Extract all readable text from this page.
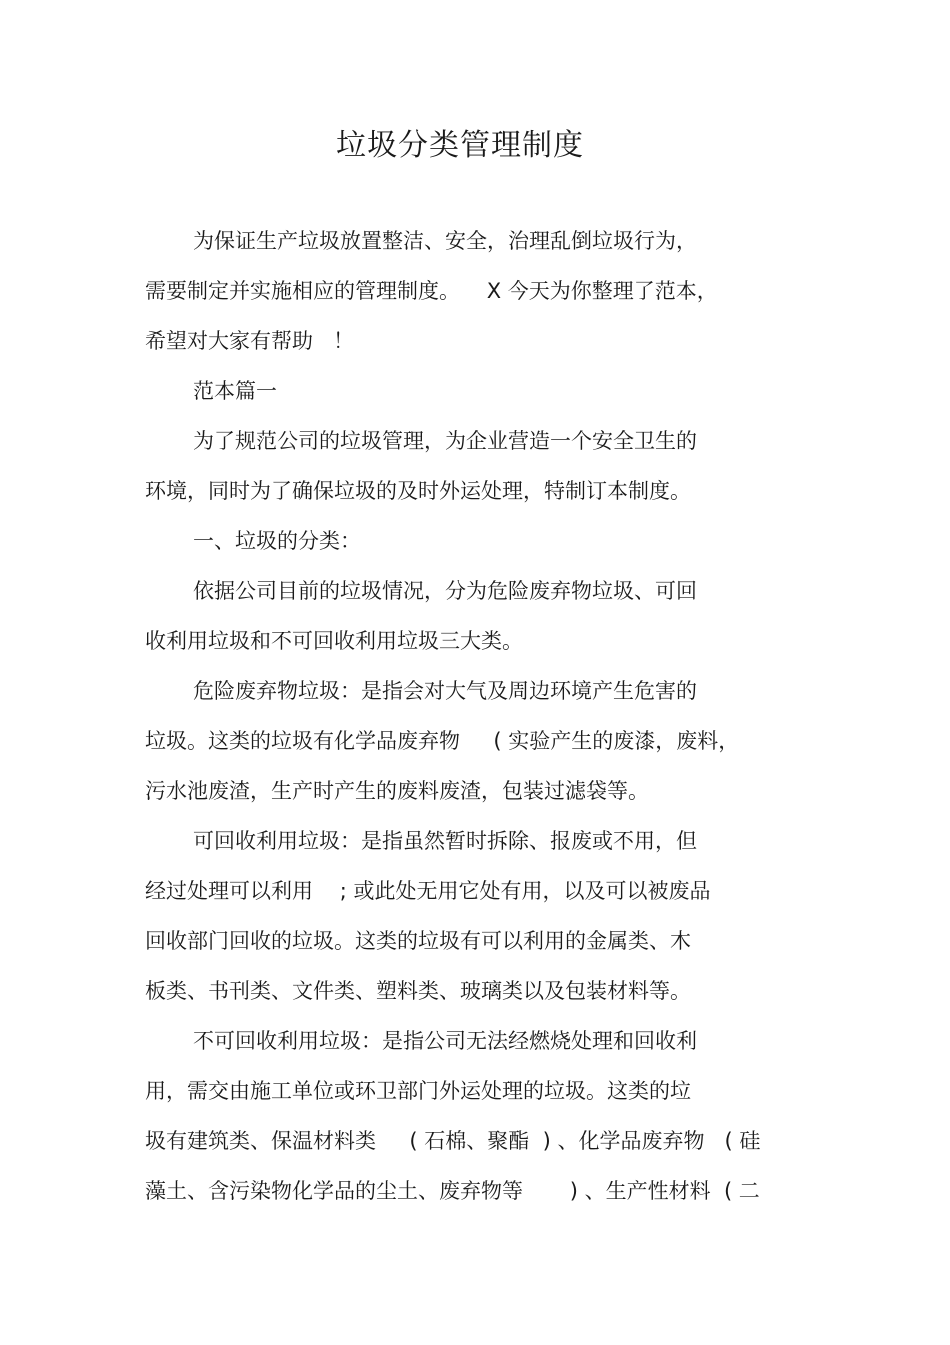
垃圾分类管理制度

为保证生产垃圾放置整洁、安全，治理乱倒垃圾行为，

需要制定并实施相应的管理制度。    X 今天为你整理了范本，

希望对大家有帮助   ！

范本篇一

为了规范公司的垃圾管理，为企业营造一个安全卫生的

环境，同时为了确保垃圾的及时外运处理，特制订本制度。

一、垃圾的分类：

依据公司目前的垃圾情况，分为危险废弃物垃圾、可回

收利用垃圾和不可回收利用垃圾三大类。

危险废弃物垃圾：是指会对大气及周边环境产生危害的

垃圾。这类的垃圾有化学品废弃物     ( 实验产生的废漆，废料，

污水池废渣，生产时产生的废料废渣，包装过滤袋等。

可回收利用垃圾：是指虽然暂时拆除、报废或不用，但

经过处理可以利用    ; 或此处无用它处有用，以及可以被废品

回收部门回收的垃圾。这类的垃圾有可以利用的金属类、木

板类、书刊类、文件类、塑料类、玻璃类以及包装材料等。

不可回收利用垃圾：是指公司无法经燃烧处理和回收利

用，需交由施工单位或环卫部门外运处理的垃圾。这类的垃

圾有建筑类、保温材料类     ( 石棉、聚酯  ) 、化学品废弃物   ( 硅

藻土、含污染物化学品的尘土、废弃物等       ) 、生产性材料  ( 二
